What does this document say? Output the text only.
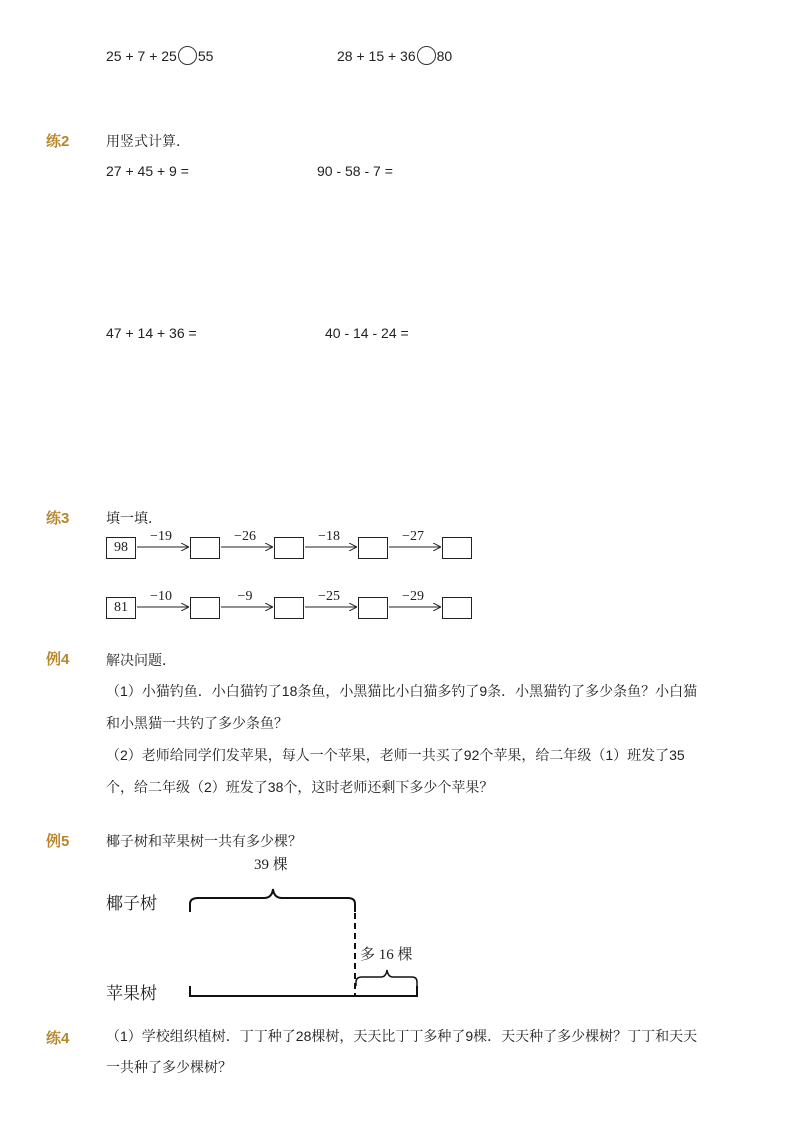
25 + 7 + 25 55	28 + 15 + 36 80
练2	用竖式计算．
27 + 45 + 9 =	90 - 58 - 7 =
47 + 14 + 36 =	40 - 14 - 24 =
练3	填一填．
98
−19	−26	−18	−27
81
−10	−9	−25	−29
例4	解决问题．
（1）小猫钓鱼．小白猫钓了18条鱼，小黑猫比小白猫多钓了9条．小黑猫钓了多少条鱼？小白猫
和小黑猫一共钓了多少条鱼？
（2）老师给同学们发苹果，每人一个苹果，老师一共买了92个苹果，给二年级（1）班发了35
个，给二年级（2）班发了38个，这时老师还剩下多少个苹果？
例5	椰子树和苹果树一共有多少棵？
39 棵
椰子树
多 16 棵
苹果树
练4	（1）学校组织植树．丁丁种了28棵树，天天比丁丁多种了9棵．天天种了多少棵树？丁丁和天天
一共种了多少棵树？
